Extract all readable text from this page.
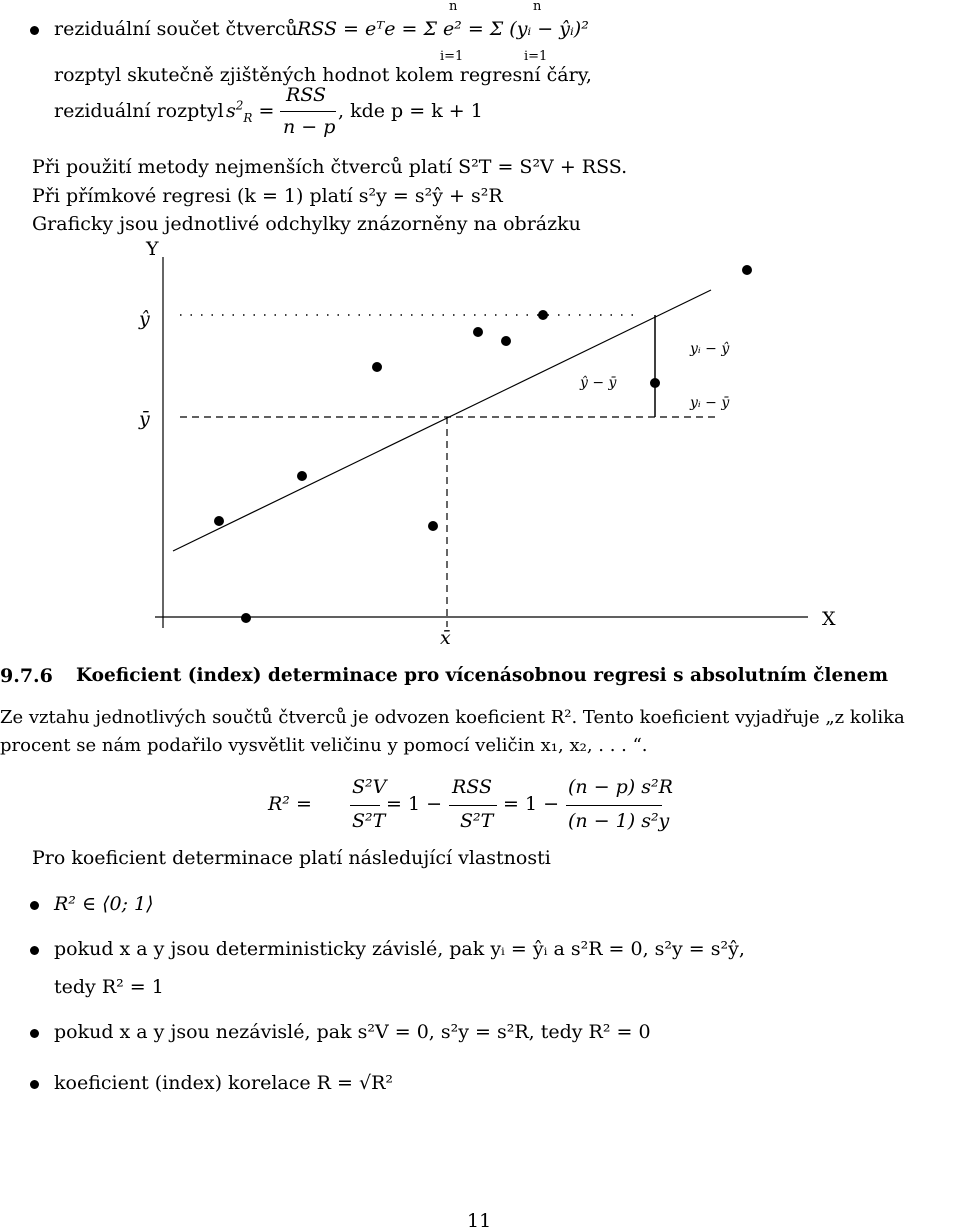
reziduální součet čtverců RSS = eᵀe = Σ e² = Σ (yᵢ − ŷᵢ)²
n
i=1
n
i=1
rozptyl skutečně zjištěných hodnot kolem regresní čáry,
reziduální rozptyl $s^2_R$ =
RSS
n − p
, kde p = k + 1
Při použití metody nejmenších čtverců platí S²T = S²V + RSS.
Při přímkové regresi (k = 1) platí s²y = s²ŷ + s²R
Graficky jsou jednotlivé odchylky znázorněny na obrázku
Y
X
ŷ
ȳ
x̄
yᵢ − ŷ
yᵢ − ȳ
ŷ − ȳ
9.7.6 Koeficient (index) determinace pro vícenásobnou regresi s absolutním členem
Ze vztahu jednotlivých součtů čtverců je odvozen koeficient R². Tento koeficient vyjadřuje „z kolika
procent se nám podařilo vysvětlit veličinu y pomocí veličin x₁, x₂, . . . “.
R² =
S²V
S²T
= 1 −
RSS
S²T
= 1 −
(n − p) s²R
(n − 1) s²y
Pro koeficient determinace platí následující vlastnosti
R² ∈ ⟨0; 1⟩
pokud x a y jsou deterministicky závislé, pak yᵢ = ŷᵢ a s²R = 0, s²y = s²ŷ,
tedy R² = 1
pokud x a y jsou nezávislé, pak s²V = 0, s²y = s²R, tedy R² = 0
koeficient (index) korelace R = √R²
11
